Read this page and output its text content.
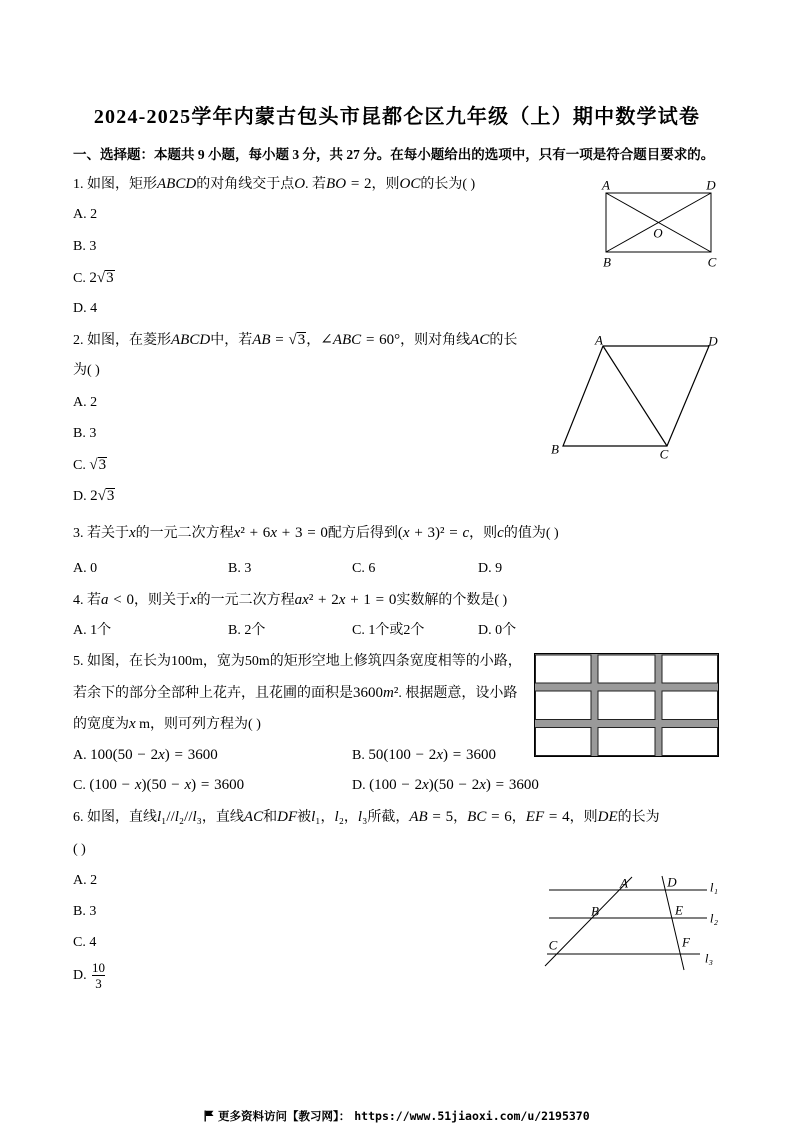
2024-2025学年内蒙古包头市昆都仑区九年级（上）期中数学试卷
一、选择题：本题共 9 小题，每小题 3 分，共 27 分。在每小题给出的选项中，只有一项是符合题目要求的。
1. 如图，矩形ABCD的对角线交于点O. 若BO = 2，则OC的长为( )
A. 2
B. 3
C. 2√3
D. 4
2. 如图，在菱形ABCD中，若AB = √3，∠ABC = 60°，则对角线AC的长
为( )
A. 2
B. 3
C. √3
D. 2√3
3. 若关于x的一元二次方程x² + 6x + 3 = 0配方后得到(x + 3)² = c，则c的值为( )
A. 0	B. 3	C. 6	D. 9
4. 若a < 0，则关于x的一元二次方程ax² + 2x + 1 = 0实数解的个数是( )
A. 1个	B. 2个	C. 1个或2个	D. 0个
5. 如图，在长为100m，宽为50m的矩形空地上修筑四条宽度相等的小路，
若余下的部分全部种上花卉，且花圃的面积是3600m². 根据题意，设小路
的宽度为x m，则可列方程为( )
A. 100(50 − 2x) = 3600	B. 50(100 − 2x) = 3600
C. (100 − x)(50 − x) = 3600	D. (100 − 2x)(50 − 2x) = 3600
6. 如图，直线l₁//l₂//l₃，直线AC和DF被l₁，l₂，l₃所截，AB = 5，BC = 6，EF = 4，则DE的长为
( )
A. 2
B. 3
C. 4
D.
10
3
A	D
B	C
O
A	D
B	C
A	D	l₁
B	E
l₂
C	F
l₃
更多资料访问【教习网】： https://www.51jiaoxi.com/u/2195370
